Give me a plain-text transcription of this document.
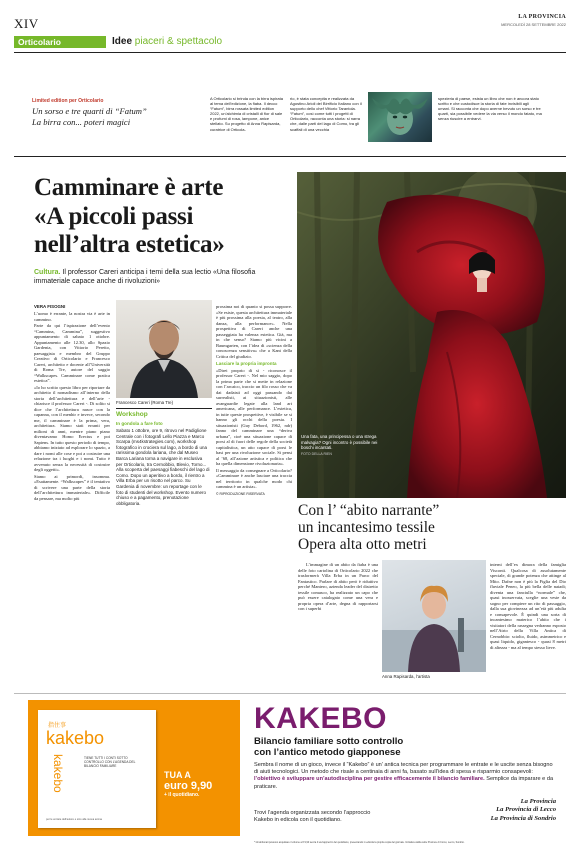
XIV	LA PROVINCIA
MERCOLEDÌ 28 SETTEMBRE 2022
Orticolario	Idee piaceri & spettacolo
Limited edition per Orticolario
Un sorso e tre quarti di “Fatum”
La birra con... poteri magici
A Orticolario si brinda con la birra ispirata al tema dell’edizione, la fiaba. Il decco “Fatum”, birra rossata limited edition 2022, un’alchimia di cristalli di fior di sale e profumi di rosa, lampone, anice stellato. Su progetto di Anna Rapisarda, curatrice di Orticola-
rio, è stata concepita e realizzata da Agostino Arioli del Birrificio Italiano con il supporto dello chef Vittorio Tarantola. “Fatum”, così come tutti i progetti di Orticolario, racconta una storia: si narra che, dalle parti del lago di Como, tra gli scaffali di una vecchia
spezieria di paese, esista un libro che non è ancora stato scritto e che custodisce la storia di fate invisibili agli umani. Si racconta che dopo averne bevuto un sorso e tre quarti, sia possibile vedere la via verso il mondo fatato, ma senza riuscire a entrarvi.
Camminare è arte
«A piccoli passi
nell’altra estetica»
Cultura. Il professor Careri anticipa i temi della sua lectio «Una filosofia immateriale capace anche di rivoluzioni»
Una fata, una principessa o una strega malvagia? Ogni incontro è possibile nei boschi incantati.
FOTO DELLA RIEN
VERA FISOGNI

L’uomo è errante, la nostra via è arte in cammino.

Parte da qui l’ispirazione dell’evento “Camminа, Camminа”, suggestivo appuntamento di sabato 1 ottobre. Appuntamento alle 12.30, allo Spazio Gardenia, con Vittorio Peretto, paesaggista e membro del Gruppo Creativo di Orticolario e Francesco Careri, architetto e docente all’Università di Roma Tre, autore del saggio “Walkscapes. Camminare come pratica estetica”.

«Io ho scritto questo libro per riportare da architetto il nomadismo all’interno della storia dell’architettura e dell’arte - chiarisce il professor Careri -. Di solito si dice che l’architettura nasce con la capanna, con il menhir e invece, secondo me, il camminare è la prima, vera, architettura. Siamo stati erranti per milioni di anni, mentre piano piano diventavamo Homo Erectus e poi Sapiens. In tutto questo periodo di tempo, abbiamo iniziato ad esplorare lo spazio, a dare i nomi alle cose e poi a costruire una relazione tra i luoghi e i nomi. Tutto è avvenuto senza la necessità di costruire degli oggetti».

Siamo ai primordi, insomma. «Esattamente. “Walkscapes” è il tentativo di scrivere una parte della storia dell’architettura immateriale». Difficile da pensare, ma molto più

Francesco Careri (Roma Tre)
Workshop
In gondola a fare foto
Sabato 1 ottobre, ore 9, ritrovo nel Padiglione Centrale con i fotografi Lello Piazza e Marco Scarpa (ms4kstrategies.com), workshop fotografico in crociera sul lago, a bordo di una rarissima gondola lariana, che dal Museo Barca Lariana torna a navigare in esclusiva per Orticolario, tra Cernobbio, Blevio, Torno... Alla scoperta del paesaggi fiabeschi del lago di Como. Dopo un aperitivo a bordo, il rientro a Villa Erba per un risotto nel parco. Su Gardenia di novembre: un reportage con le foto di studenti del workshop. Evento numero chiuso e a pagamento, prenotazione obbligatoria.

prossima noi di quanto si possa supporre. «Se esiste, questa architettura immateriale è più prossima alla poesia, al teatro, alla danza, alla performance». Nella prospettiva di Careri anche una passeggiata ha valenza estetica. Già, ma in che senso? Siamo più vicini a Baumgarten, con l’idea di «scienza della conoscenza sensitiva» che a Kant della Critica del giudizio.

Lasciare la propria impronta

«Direi proprio di sì - riconosce il professor Careri -. Nel mio saggio, dopo la prima parte che si mette in relazione con l’arcaico, traccio un filo rosso che va dai dadaisti ad oggi passando dai surrealisti, ai situazionisti, alle avanguardie legate alla land art americana, alle performance. L’estetica, in tutte queste prospettive, è visibile se si hanno gli occhi della poesia. I situazionisti (Guy Debord, 1962, ndr) fanno del camminare una “deriva urbana”, cioè una situazione capace di porsi al di fuori delle regole della società capitalistica, un atto capace di porsi le basi per una rivoluzione sociale. Si pensi al ’68, all’azione artistica e politica che ha quella dimensione rivoluzionaria».

Il messaggio da consegnare a Orticolario? «Camminare è anche lasciare una traccia nel territorio in qualche modo chi cammina è un artista».

© RIPRODUZIONE RISERVATA

Con l’ “abito narrante”
un incantesimo tessile
Opera alta otto metri
L’immagine di un abito da fiaba è una delle foto cartolina di Orticolario 2022 che trasformerà Villa Erba in un Parco del Fantastico. Parlare di abito però è riduttivo perché Mantero, azienda leader del distretto tessile comasco, ha realizzato un capo che può essere catalogato come una vera e propria opera d’arte, degna di rapportarsi con i superbi
Anna Rapisarda, l’artista
interni dell’ex dimora della famiglia Visconti. Qualcosa di assolutamente speciale, di grande potenza che attinge al Mito. Dafne non è più la Figlia del Dio fluviale Peneo, la più bella delle naiadi; diventa una fanciulla “normale” che, quasi inosservata, sceglie una veste da sogno per compiere un rito di passaggio, dalla sua giovinezza ad un’età più adulta e consapevole. È quindi una sorta di incantesimo materico l’abito che i visitatori della rassegna vedranno esposto nell’Atrio della Villa Antica di Cernobbio: sciolto, fluido, asimmetrico e quasi liquido, gigantesco - quasi 8 metri di altezza - ma al tempo stesso lieve.
指住事
kakebo
kakebo	TIENE TUTTI I CONTI SOTTO CONTROLLO CON L’AGENDA DEL BILANCIO FAMILIARE
per le entrate dell’autore e sino alla nuova anima
TUA A
euro 9,90
+ il quotidiano.
KAKEBO
Bilancio familiare sotto controllo
con l’antico metodo giapponese
Sembra il nome di un gioco, invece il “Kakebo” è un’ antica tecnica per programmare le entrate e le uscite senza bisogno di aiuti tecnologici. Un metodo che risale a centinaia di anni fa, basato sull’idea di spesa e risparmio consapevoli: l’obiettivo è sviluppare un’autodisciplina per gestire efficacemente il bilancio familiare. Semplice da imparare e da praticare.
Trovi l’agenda organizzata secondo l’approccio
Kakebo in edicola con il quotidiano.
La Provincia
La Provincia di Lecco
La Provincia di Sondrio
* Gli abbonati possono acquistare il volume a € 9,90 senza il sovrapprezzo del quotidiano, presentando in edicola la propria copia del giornale. Iniziativa valida sulle Province di Como, Lecco, Sondrio.
